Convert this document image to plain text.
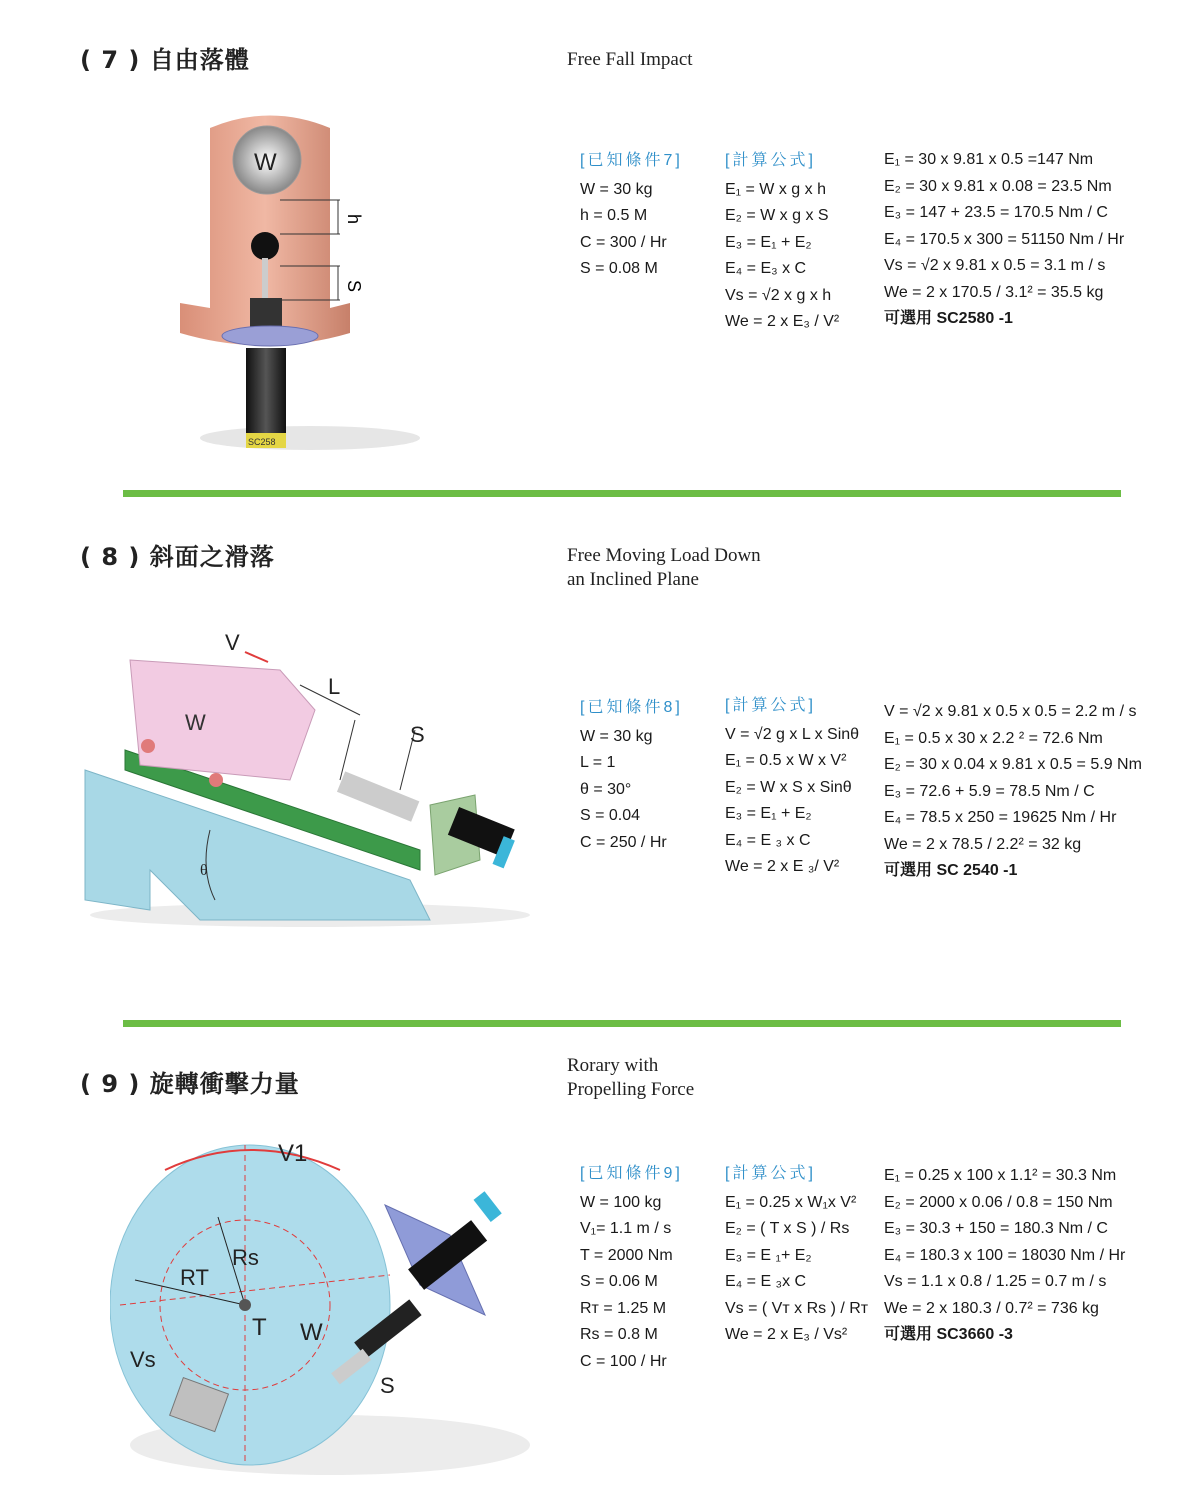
( 7 ) 自由落體	Free Fall Impact
W
SC258
h
S
[已知條件7]
W = 30 kg
h = 0.5 M
C = 300 / Hr
S = 0.08 M
[計算公式]
E₁ = W x g x h
E₂ = W x g x S
E₃ = E₁ + E₂
E₄ = E₃ x C
Vs = √2 x g x h
We = 2 x E₃ / V²
E₁ = 30 x 9.81 x 0.5 =147 Nm
E₂ = 30 x 9.81 x 0.08 = 23.5 Nm
E₃ = 147 + 23.5 = 170.5 Nm / C
E₄ = 170.5 x 300 = 51150 Nm / Hr
Vs = √2 x 9.81 x 0.5 = 3.1 m / s
We = 2 x 170.5 / 3.1² = 35.5 kg
可選用 SC2580 -1
( 8 ) 斜面之滑落	Free Moving Load Down
an Inclined Plane
W
V
L
S
θ
[已知條件8]
W = 30 kg
L = 1
θ = 30°
S = 0.04
C = 250 / Hr
[計算公式]
V = √2 g x L x Sinθ
E₁ = 0.5 x W x V²
E₂ = W x S x Sinθ
E₃ = E₁ + E₂
E₄ = E ₃ x C
We = 2 x E ₃/ V²
V = √2 x 9.81 x 0.5 x 0.5 = 2.2 m / s
E₁ = 0.5 x 30 x 2.2 ² = 72.6 Nm
E₂ = 30 x 0.04 x 9.81 x 0.5 = 5.9 Nm
E₃ = 72.6 + 5.9 = 78.5 Nm / C
E₄ = 78.5 x 250 = 19625 Nm / Hr
We = 2 x 78.5 / 2.2² = 32 kg
可選用 SC 2540 -1
( 9 ) 旋轉衝擊力量
Rorary with
Propelling Force
V1
Rs
RT
T W
Vs
S
[已知條件9]
W = 100 kg
V₁= 1.1 m / s
T = 2000 Nm
S = 0.06 M
Rᴛ = 1.25 M
Rs = 0.8 M
C = 100 / Hr
[計算公式]
E₁ = 0.25 x W₁x V²
E₂ = ( T x S ) / Rs
E₃ = E ₁+ E₂
E₄ = E ₃x C
Vs = ( Vᴛ x Rs ) / Rᴛ
We = 2 x E₃ / Vs²
E₁ = 0.25 x 100 x 1.1² = 30.3 Nm
E₂ = 2000 x 0.06 / 0.8 = 150 Nm
E₃ = 30.3 + 150 = 180.3 Nm / C
E₄ = 180.3 x 100 = 18030 Nm / Hr
Vs = 1.1 x 0.8 / 1.25 = 0.7 m / s
We = 2 x 180.3 / 0.7² = 736 kg
可選用 SC3660 -3
